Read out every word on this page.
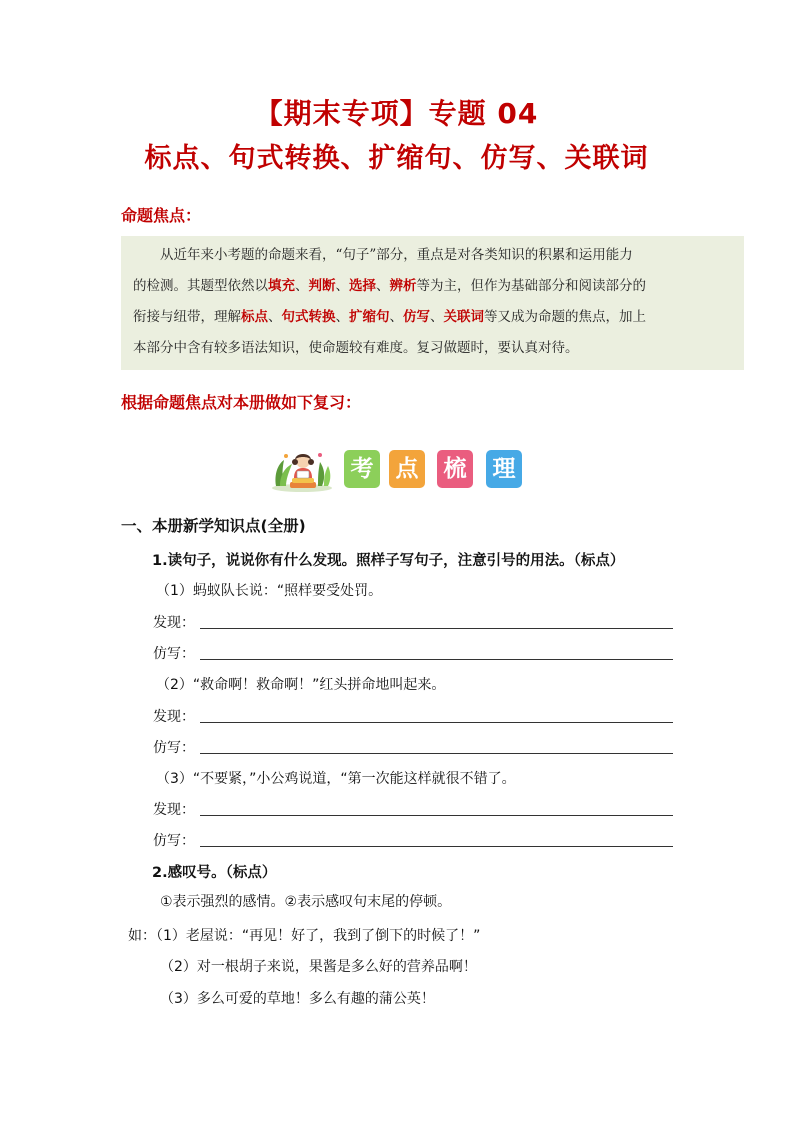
【期末专项】专题 04
标点、句式转换、扩缩句、仿写、关联词
命题焦点：
从近年来小考题的命题来看，“句子”部分，重点是对各类知识的积累和运用能力
的检测。其题型依然以填充、判断、选择、辨析等为主，但作为基础部分和阅读部分的
衔接与纽带，理解标点、句式转换、扩缩句、仿写、关联词等又成为命题的焦点，加上
本部分中含有较多语法知识，使命题较有难度。复习做题时，要认真对待。
根据命题焦点对本册做如下复习：
考 点 梳 理
一、本册新学知识点(全册)
1.读句子，说说你有什么发现。照样子写句子，注意引号的用法。（标点）
（1）蚂蚁队长说：“照样要受处罚。
发现：
仿写：
（2）“救命啊！救命啊！”红头拼命地叫起来。
发现：
仿写：
（3）“不要紧，”小公鸡说道，“第一次能这样就很不错了。
发现：
仿写：
2.感叹号。（标点）
①表示强烈的感情。②表示感叹句末尾的停顿。
如：（1）老屋说：“再见！好了，我到了倒下的时候了！”
（2）对一根胡子来说，果酱是多么好的营养品啊！
（3）多么可爱的草地！多么有趣的蒲公英！
